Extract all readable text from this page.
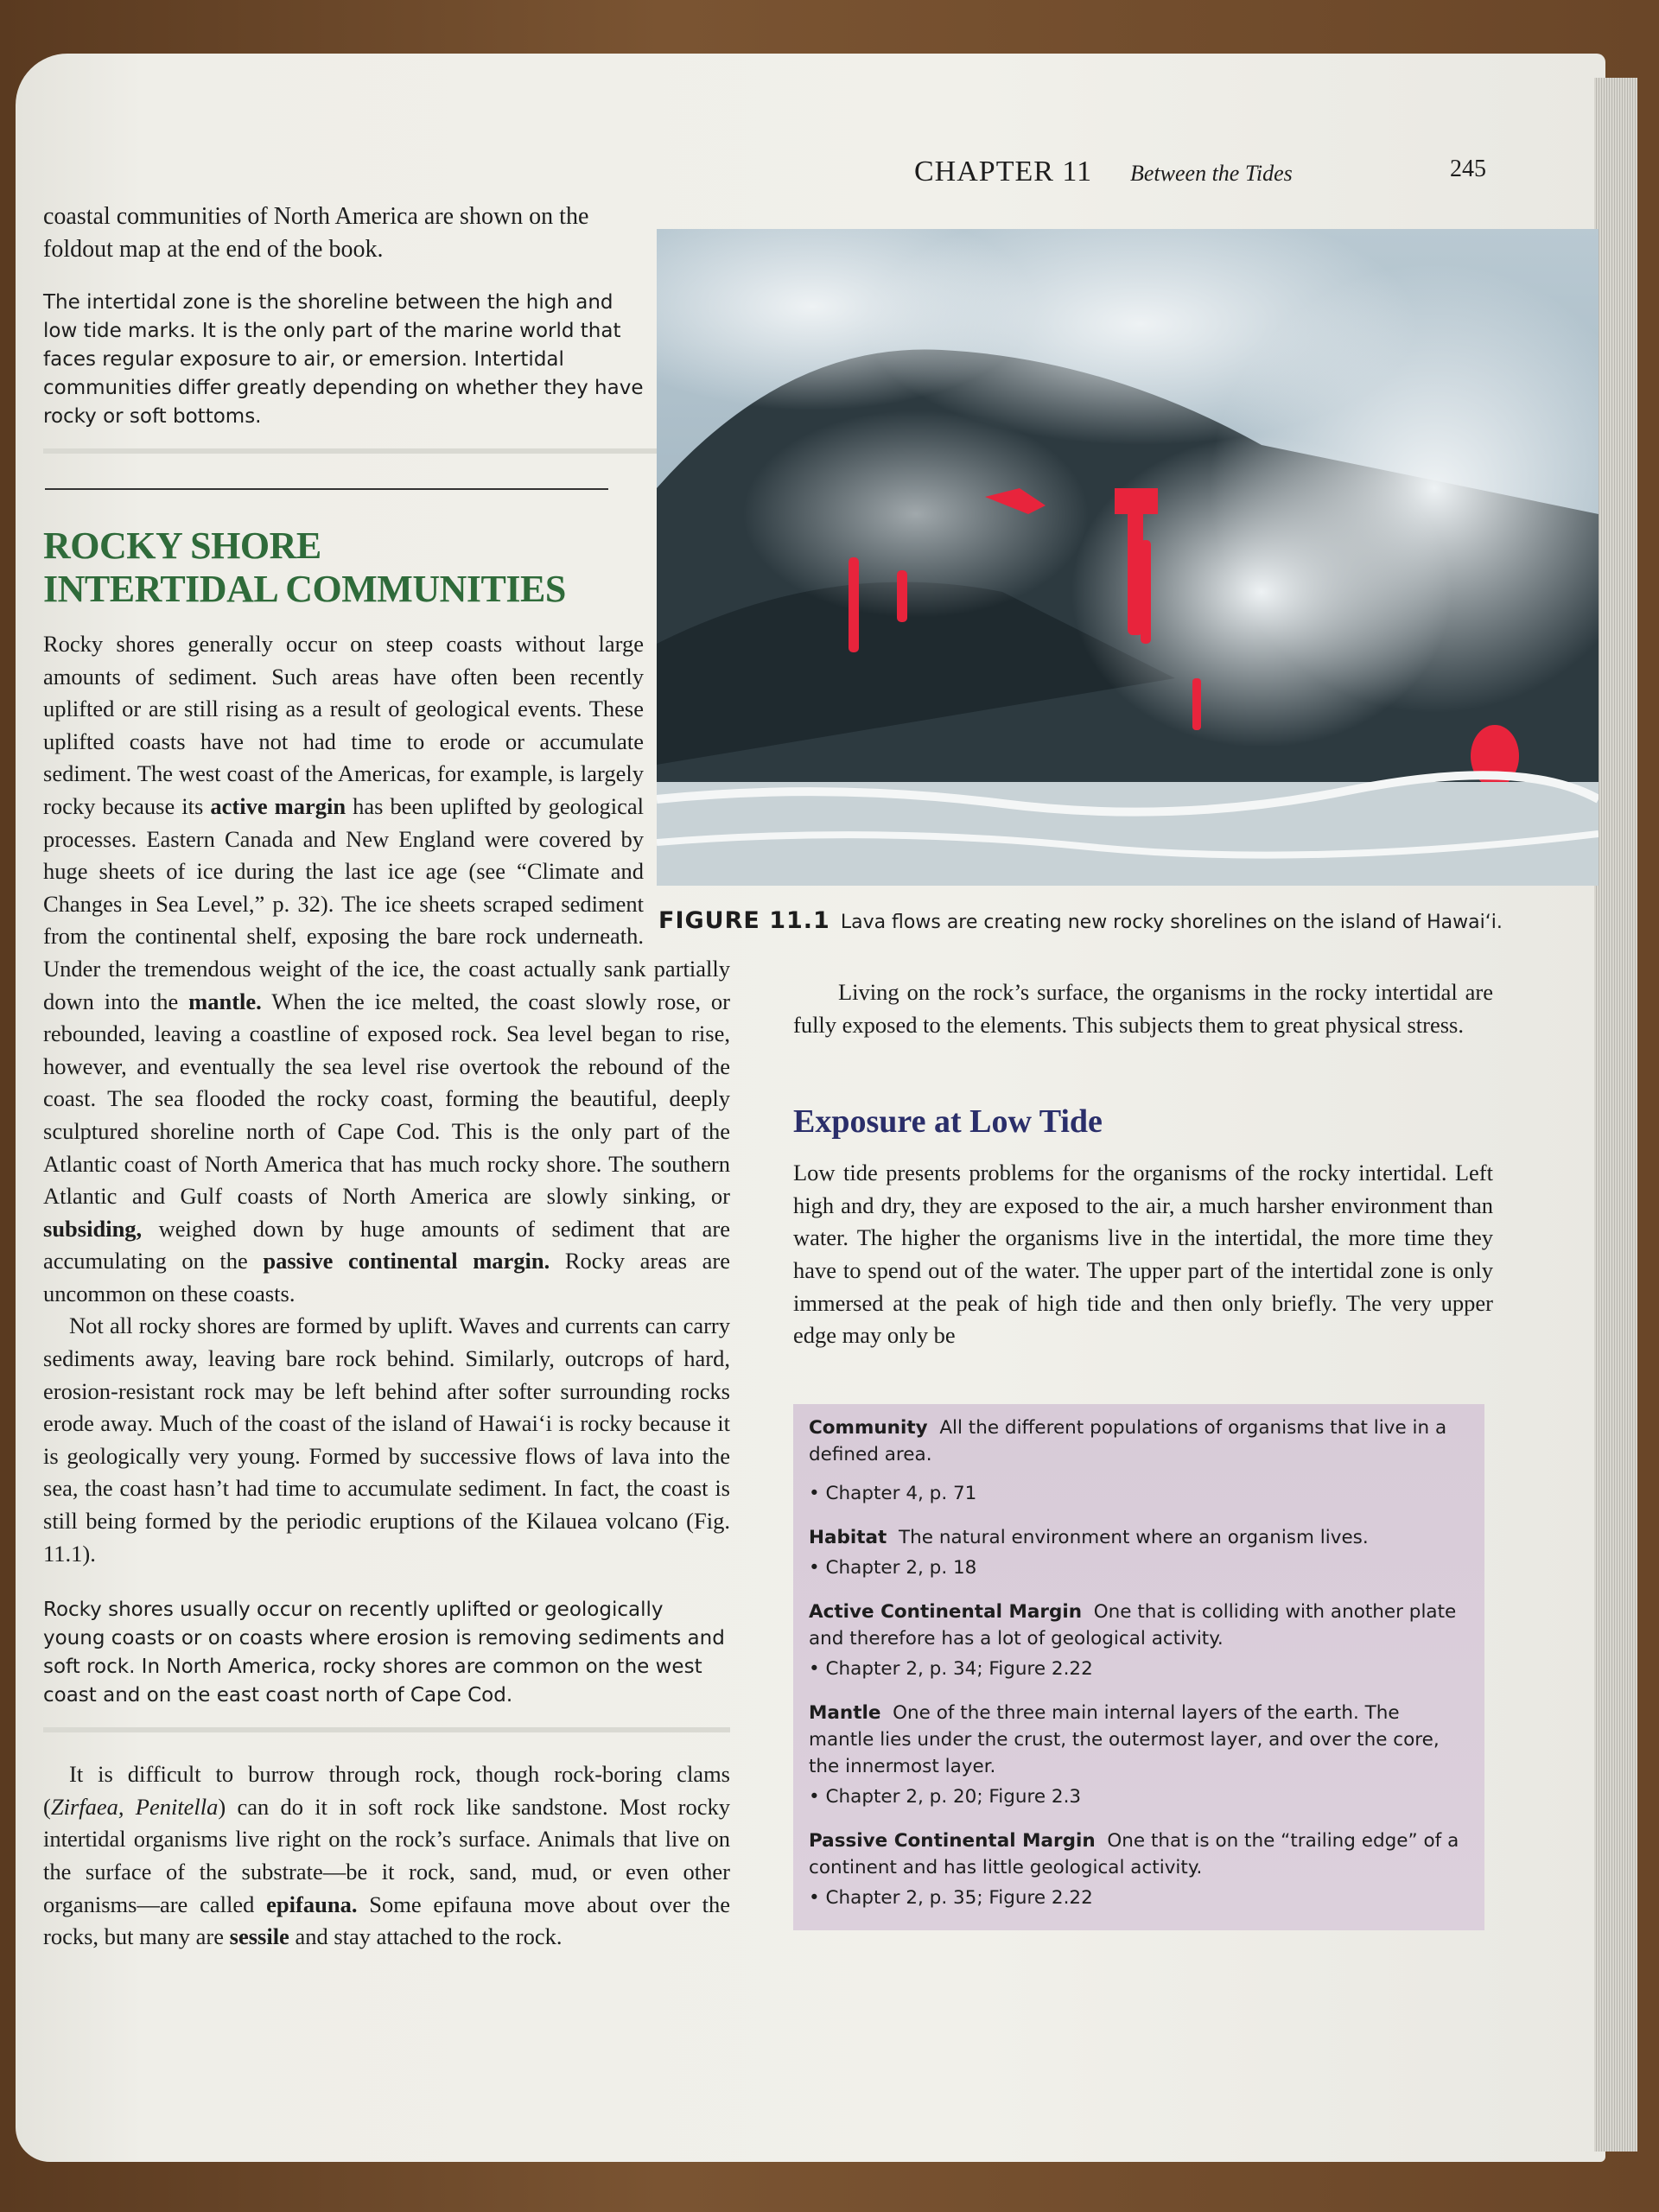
CHAPTER 11 Between the Tides	245
coastal communities of North America are shown on the foldout map at the end of the book.
The intertidal zone is the shoreline between the high and low tide marks. It is the only part of the marine world that faces regular exposure to air, or emersion. Intertidal communities differ greatly depending on whether they have rocky or soft bottoms.
ROCKY SHORE
INTERTIDAL COMMUNITIES
Rocky shores generally occur on steep coasts without large amounts of sediment. Such areas have often been recently uplifted or are still rising as a result of geological events. These uplifted coasts have not had time to erode or accumulate sediment. The west coast of the Americas, for example, is largely rocky because its active margin has been uplifted by geological processes. Eastern Canada and New England were covered by huge sheets of ice during the last ice age (see “Climate and Changes in Sea Level,” p. 32). The ice sheets scraped sediment from the continental shelf, exposing the bare rock underneath. Under the tremendous weight of the ice, the coast actually sank partially down into the mantle. When the ice melted, the coast slowly rose, or rebounded, leaving a coastline of exposed rock. Sea level began to rise, however, and eventually the sea level rise overtook the rebound of the coast. The sea flooded the rocky coast, forming the beautiful, deeply sculptured shoreline north of Cape Cod. This is the only part of the Atlantic coast of North America that has much rocky shore. The southern Atlantic and Gulf coasts of North America are slowly sinking, or subsiding, weighed down by huge amounts of sediment that are accumulating on the passive continental margin. Rocky areas are uncommon on these coasts.
Not all rocky shores are formed by uplift. Waves and currents can carry sediments away, leaving bare rock behind. Similarly, outcrops of hard, erosion-resistant rock may be left behind after softer surrounding rocks erode away. Much of the coast of the island of Hawai‘i is rocky because it is geologically very young. Formed by successive flows of lava into the sea, the coast hasn’t had time to accumulate sediment. In fact, the coast is still being formed by the periodic eruptions of the Kilauea volcano (Fig. 11.1).
Rocky shores usually occur on recently uplifted or geologically young coasts or on coasts where erosion is removing sediments and soft rock. In North America, rocky shores are common on the west coast and on the east coast north of Cape Cod.
It is difficult to burrow through rock, though rock-boring clams (Zirfaea, Penitella) can do it in soft rock like sandstone. Most rocky intertidal organisms live right on the rock’s surface. Animals that live on the surface of the substrate—be it rock, sand, mud, or even other organisms—are called epifauna. Some epifauna move about over the rocks, but many are sessile and stay attached to the rock.
FIGURE 11.1 Lava flows are creating new rocky shorelines on the island of Hawai‘i.
Living on the rock’s surface, the organisms in the rocky intertidal are fully exposed to the elements. This subjects them to great physical stress.
Exposure at Low Tide
Low tide presents problems for the organisms of the rocky intertidal. Left high and dry, they are exposed to the air, a much harsher environment than water. The higher the organisms live in the intertidal, the more time they have to spend out of the water. The upper part of the intertidal zone is only immersed at the peak of high tide and then only briefly. The very upper edge may only be
Community All the different populations of organisms that live in a defined area.
• Chapter 4, p. 71
Habitat The natural environment where an organism lives.
• Chapter 2, p. 18
Active Continental Margin One that is colliding with another plate and therefore has a lot of geological activity.
• Chapter 2, p. 34; Figure 2.22
Mantle One of the three main internal layers of the earth. The mantle lies under the crust, the outermost layer, and over the core, the innermost layer.
• Chapter 2, p. 20; Figure 2.3
Passive Continental Margin One that is on the “trailing edge” of a continent and has little geological activity.
• Chapter 2, p. 35; Figure 2.22
